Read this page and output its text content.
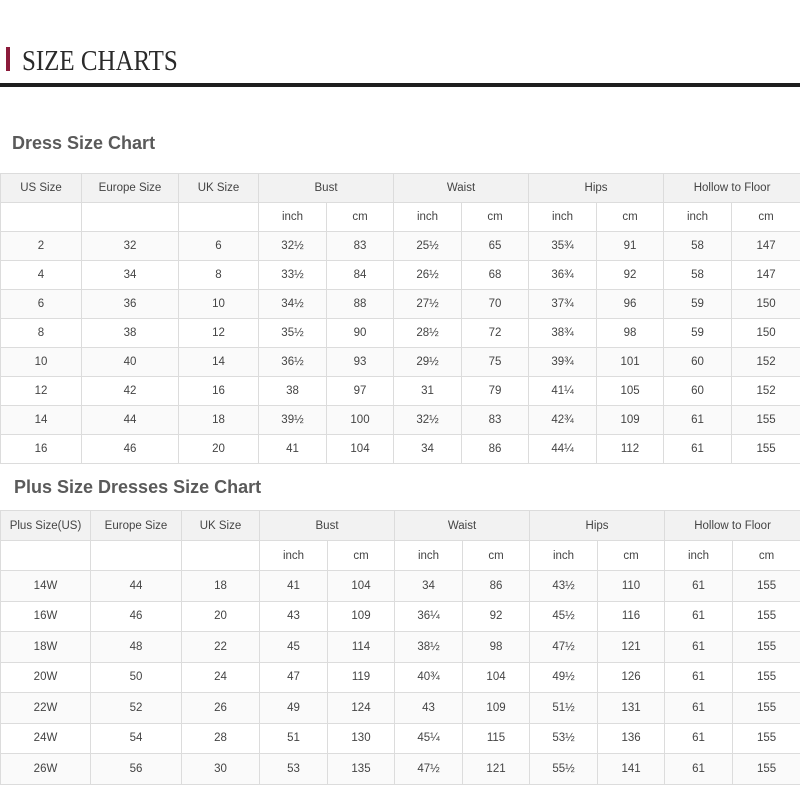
SIZE CHARTS
Dress Size Chart
US Size	Europe Size	UK Size	Bust		Waist		Hips		Hollow to Floor	
			inch	cm	inch	cm	inch	cm	inch	cm
2	32	6	32½	83	25½	65	35¾	91	58	147
4	34	8	33½	84	26½	68	36¾	92	58	147
6	36	10	34½	88	27½	70	37¾	96	59	150
8	38	12	35½	90	28½	72	38¾	98	59	150
10	40	14	36½	93	29½	75	39¾	101	60	152
12	42	16	38	97	31	79	41¼	105	60	152
14	44	18	39½	100	32½	83	42¾	109	61	155
16	46	20	41	104	34	86	44¼	112	61	155
Plus Size Dresses Size Chart
Plus Size(US)	Europe Size	UK Size	Bust		Waist		Hips		Hollow to Floor	
			inch	cm	inch	cm	inch	cm	inch	cm
14W	44	18	41	104	34	86	43½	110	61	155
16W	46	20	43	109	36¼	92	45½	116	61	155
18W	48	22	45	114	38½	98	47½	121	61	155
20W	50	24	47	119	40¾	104	49½	126	61	155
22W	52	26	49	124	43	109	51½	131	61	155
24W	54	28	51	130	45¼	115	53½	136	61	155
26W	56	30	53	135	47½	121	55½	141	61	155
